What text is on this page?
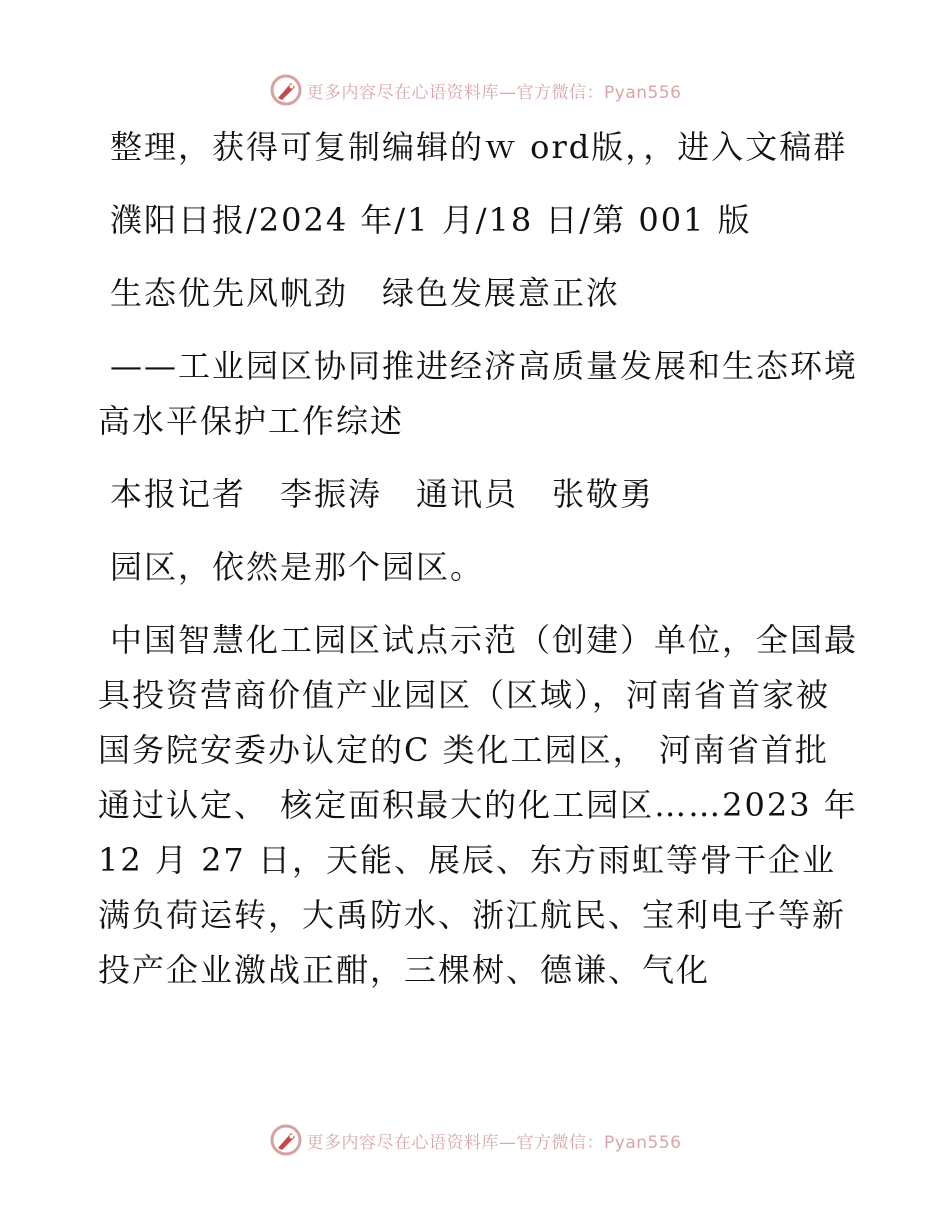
更多内容尽在心语资料库—官方微信：Pyan556

整理，获得可复制编辑的ｗ ord版，，进入文稿群

濮阳日报/2024 年/1 月/18 日/第 001 版

生态优先风帆劲　绿色发展意正浓

——工业园区协同推进经济高质量发展和生态环境高水平保护工作综述

本报记者　李振涛　通讯员　张敬勇

园区，依然是那个园区。

中国智慧化工园区试点示范（创建）单位，全国最具投资营商价值产业园区（区域），河南省首家被国务院安委办认定的C 类化工园区， 河南省首批通过认定、 核定面积最大的化工园区……2023 年 12 月 27 日，天能、展辰、东方雨虹等骨干企业满负荷运转，大禹防水、浙江航民、宝利电子等新投产企业激战正酣，三棵树、德谦、气化

更多内容尽在心语资料库—官方微信：Pyan556
